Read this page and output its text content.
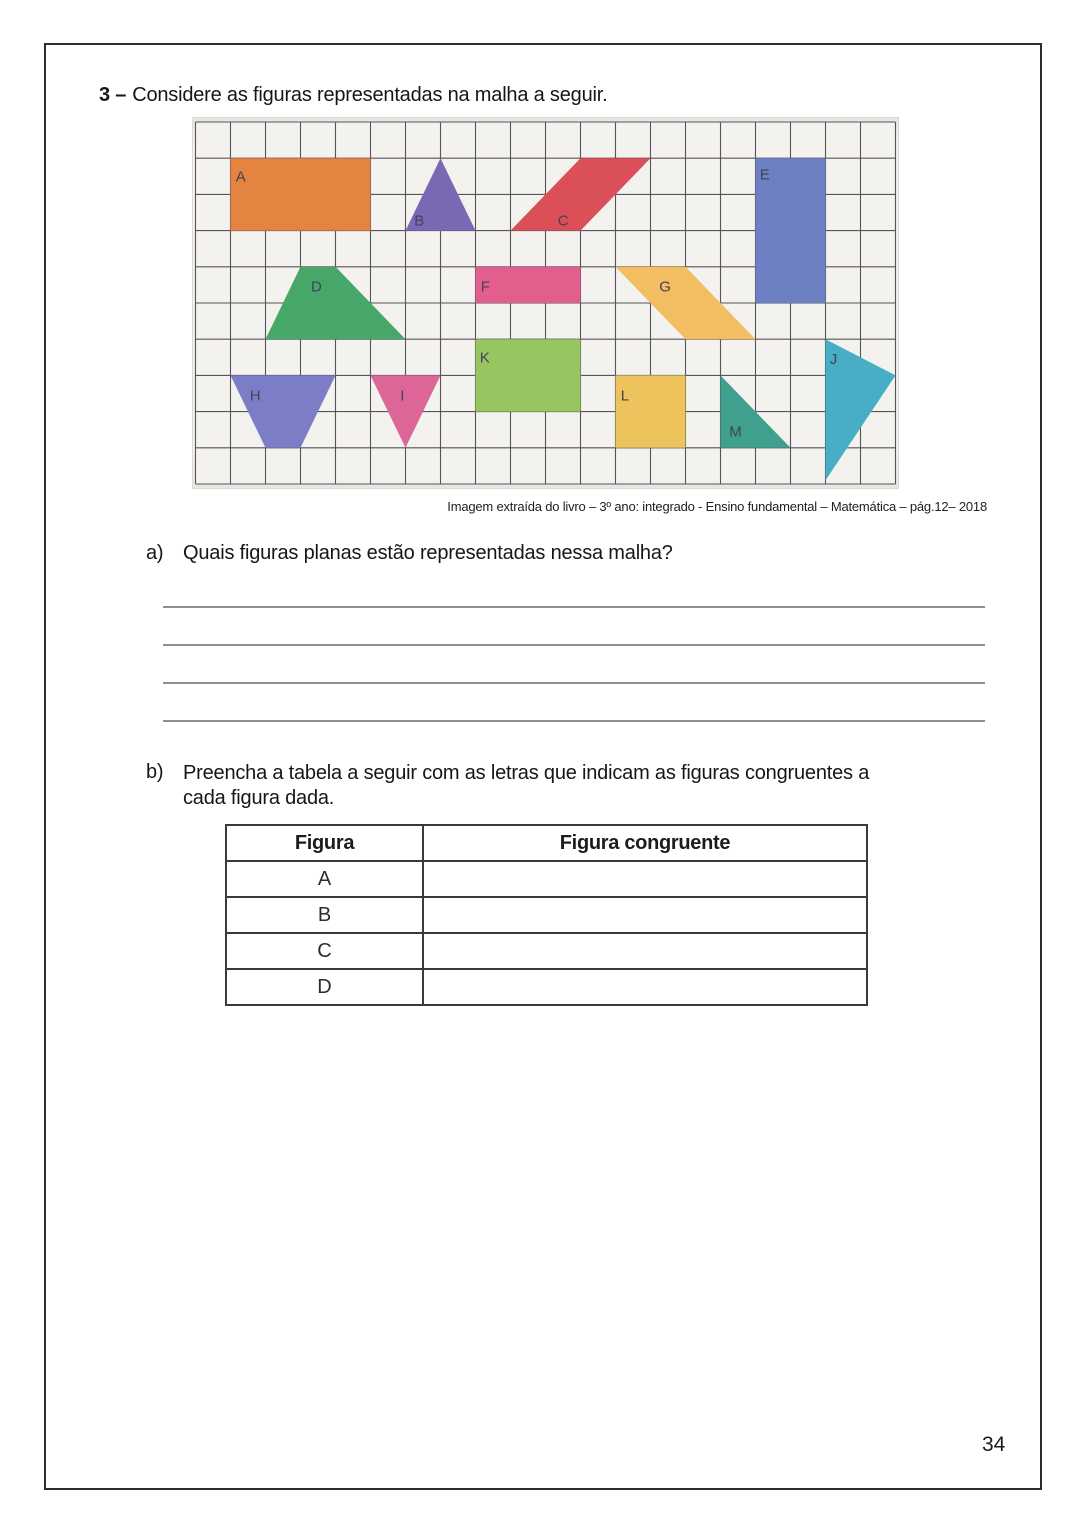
3 – Considere as figuras representadas na malha a seguir.
A
B	C
E
D	F	G
K
H	I	L
M
J
Imagem extraída do livro – 3º ano: integrado - Ensino fundamental – Matemática – pág.12– 2018
a) Quais figuras planas estão representadas nessa malha?
b) Preencha a tabela a seguir com as letras que indicam as figuras congruentes a
cada figura dada.
Figura	Figura congruente
A	
B	
C	
D	
34
